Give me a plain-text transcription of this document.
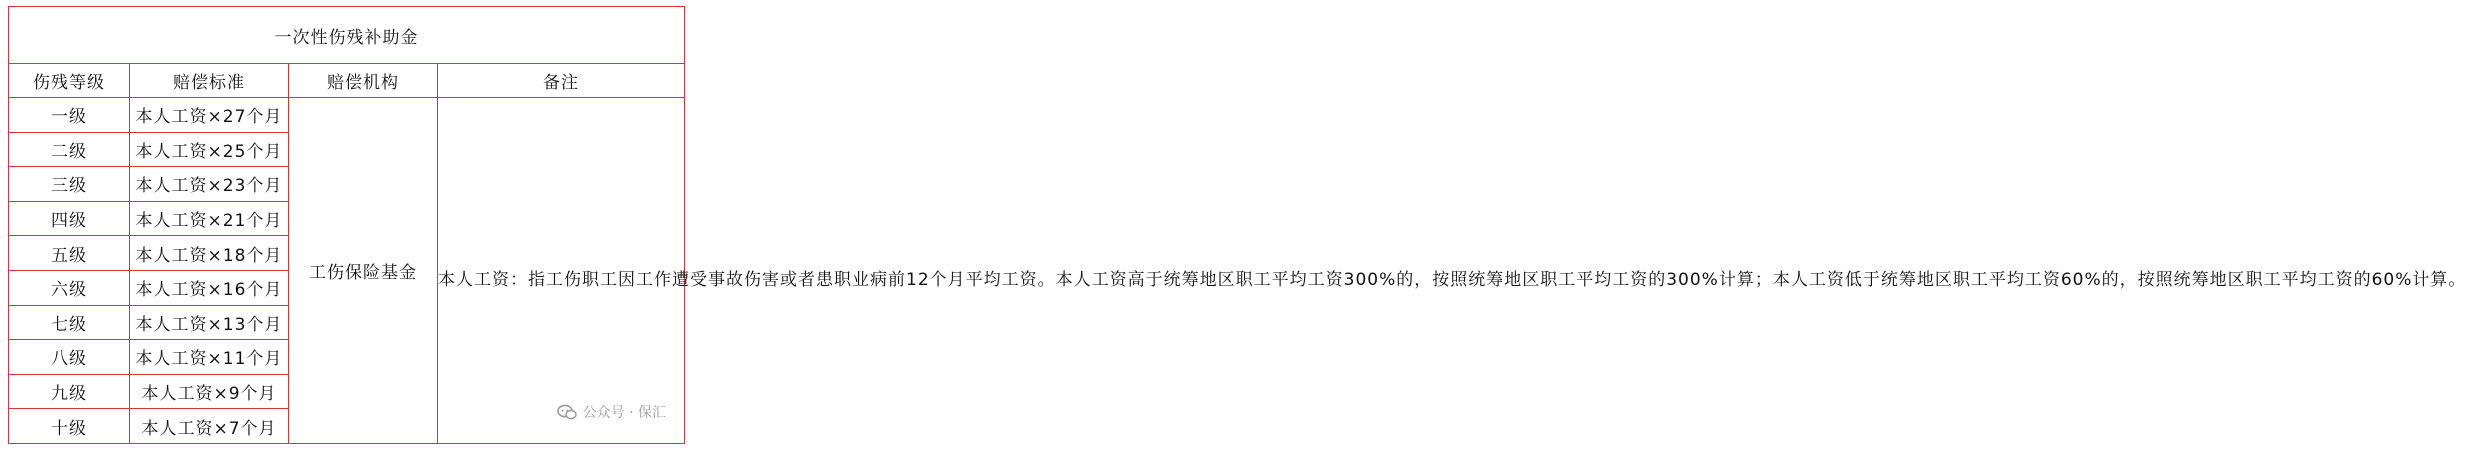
一次性伤残补助金			
伤残等级	赔偿标准	赔偿机构	备注
一级	本人工资×27个月	工伤保险基金	本人工资：指工伤职工因工作遭受事故伤害或者患职业病前12个月平均工资。本人工资高于统筹地区职工平均工资300%的，按照统筹地区职工平均工资的300%计算；本人工资低于统筹地区职工平均工资60%的，按照统筹地区职工平均工资的60%计算。

二级	本人工资×25个月		
三级	本人工资×23个月		
四级	本人工资×21个月		
五级	本人工资×18个月		
六级	本人工资×16个月		
七级	本人工资×13个月		
八级	本人工资×11个月		
九级	本人工资×9个月		
十级	本人工资×7个月		
公众号 · 保汇
